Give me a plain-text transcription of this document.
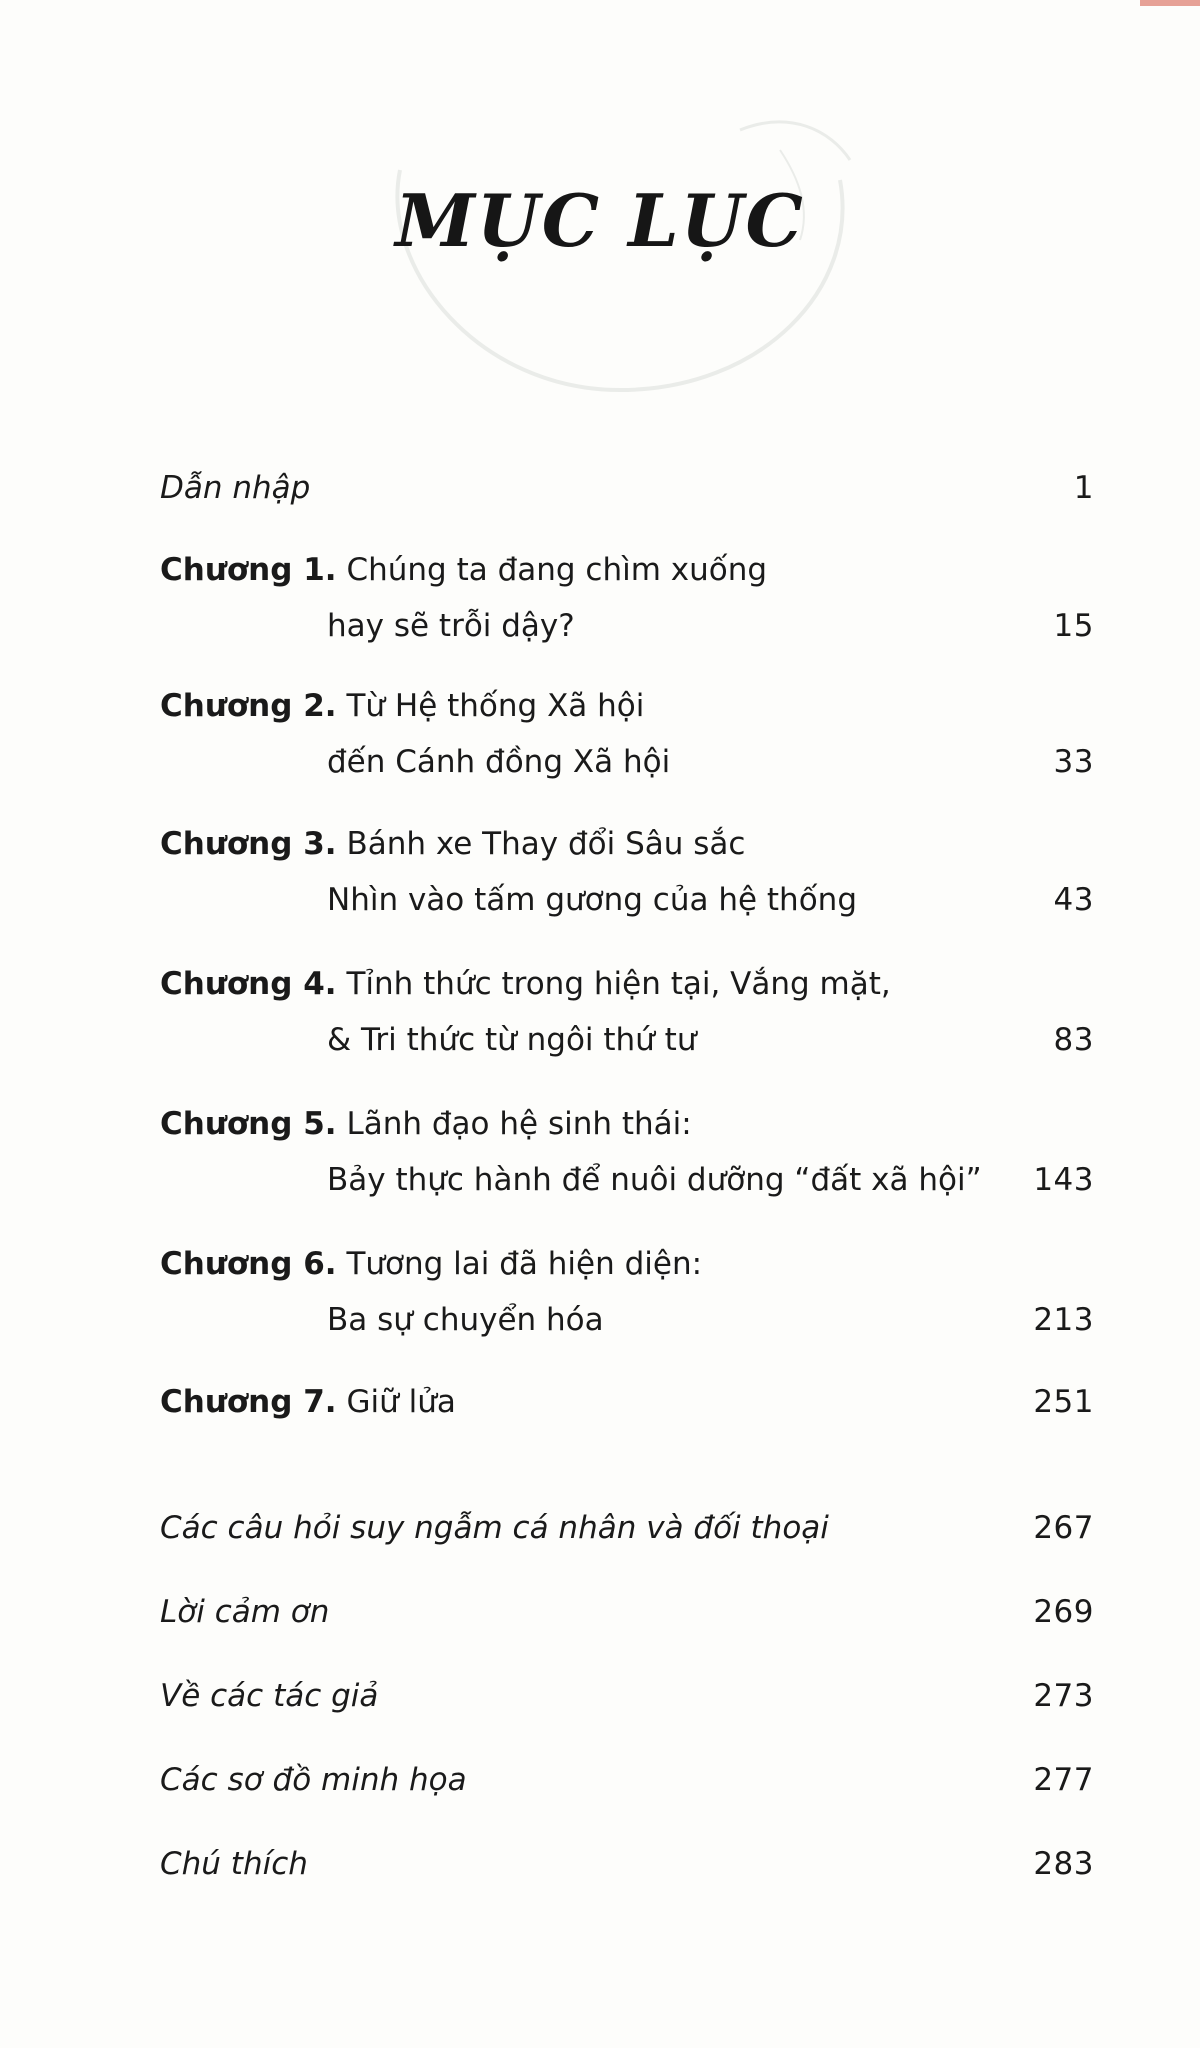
MỤC LỤC
Dẫn nhập	1
Chương 1. Chúng ta đang chìm xuống
hay sẽ trỗi dậy?	15
Chương 2. Từ Hệ thống Xã hội
đến Cánh đồng Xã hội	33
Chương 3. Bánh xe Thay đổi Sâu sắc
Nhìn vào tấm gương của hệ thống	43
Chương 4. Tỉnh thức trong hiện tại, Vắng mặt,
& Tri thức từ ngôi thứ tư	83
Chương 5. Lãnh đạo hệ sinh thái:
Bảy thực hành để nuôi dưỡng “đất xã hội”	143
Chương 6. Tương lai đã hiện diện:
Ba sự chuyển hóa	213
Chương 7. Giữ lửa	251
Các câu hỏi suy ngẫm cá nhân và đối thoại	267
Lời cảm ơn	269
Về các tác giả	273
Các sơ đồ minh họa	277
Chú thích	283
